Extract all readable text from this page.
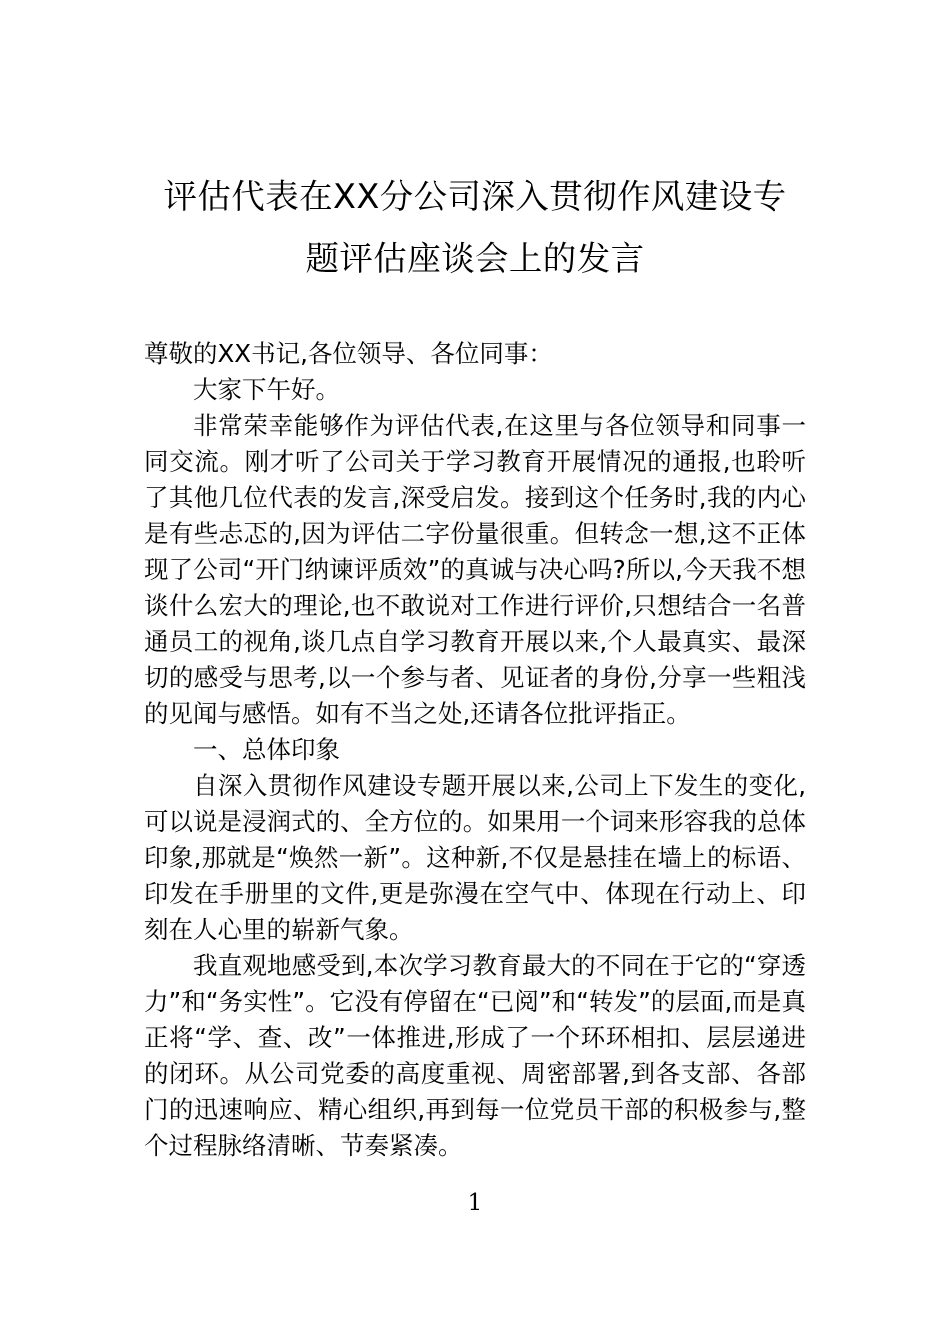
评估代表在XX分公司深入贯彻作风建设专
题评估座谈会上的发言

尊敬的XX书记,各位领导、各位同事：

大家下午好。

非常荣幸能够作为评估代表,在这里与各位领导和同事一同交流。刚才听了公司关于学习教育开展情况的通报,也聆听了其他几位代表的发言,深受启发。接到这个任务时,我的内心是有些忐忑的,因为评估二字份量很重。但转念一想,这不正体现了公司“开门纳谏评质效”的真诚与决心吗?所以,今天我不想谈什么宏大的理论,也不敢说对工作进行评价,只想结合一名普通员工的视角,谈几点自学习教育开展以来,个人最真实、最深切的感受与思考,以一个参与者、见证者的身份,分享一些粗浅的见闻与感悟。如有不当之处,还请各位批评指正。

一、总体印象

自深入贯彻作风建设专题开展以来,公司上下发生的变化,可以说是浸润式的、全方位的。如果用一个词来形容我的总体印象,那就是“焕然一新”。这种新,不仅是悬挂在墙上的标语、印发在手册里的文件,更是弥漫在空气中、体现在行动上、印刻在人心里的崭新气象。

我直观地感受到,本次学习教育最大的不同在于它的“穿透力”和“务实性”。它没有停留在“已阅”和“转发”的层面,而是真正将“学、查、改”一体推进,形成了一个环环相扣、层层递进的闭环。从公司党委的高度重视、周密部署,到各支部、各部门的迅速响应、精心组织,再到每一位党员干部的积极参与,整个过程脉络清晰、节奏紧凑。

1
